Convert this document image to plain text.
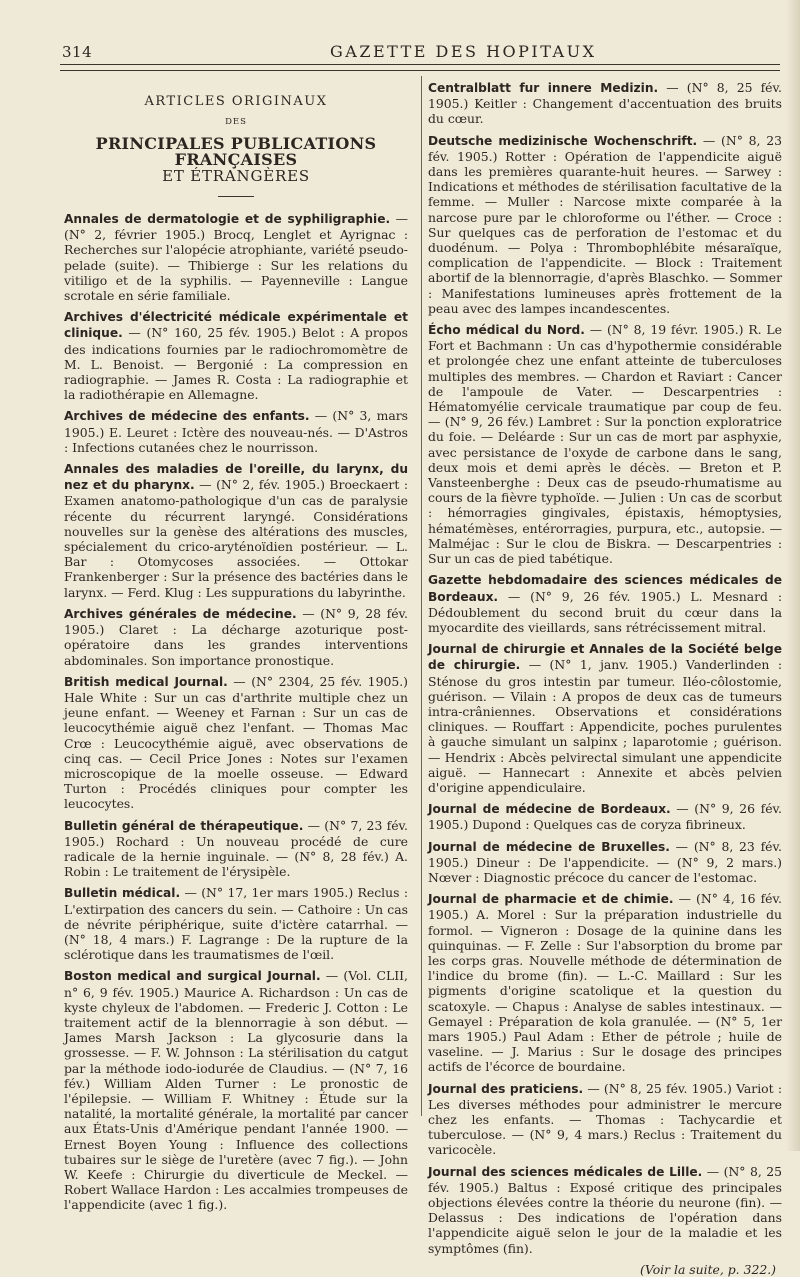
314	GAZETTE DES HOPITAUX
ARTICLES ORIGINAUX
DES
PRINCIPALES PUBLICATIONS FRANÇAISES
ET ÉTRANGÈRES

Annales de dermatologie et de syphiligraphie. — (N° 2, février 1905.) Brocq, Lenglet et Ayrignac : Recherches sur l'alopécie atrophiante, variété pseudo-pelade (suite). — Thibierge : Sur les relations du vitiligo et de la syphilis. — Payenneville : Langue scrotale en série familiale.

Archives d'électricité médicale expérimentale et clinique. — (N° 160, 25 fév. 1905.) Belot : A propos des indications fournies par le radiochromomètre de M. L. Benoist. — Bergonié : La compression en radiographie. — James R. Costa : La radiographie et la radiothérapie en Allemagne.

Archives de médecine des enfants. — (N° 3, mars 1905.) E. Leuret : Ictère des nouveau-nés. — D'Astros : Infections cutanées chez le nourrisson.

Annales des maladies de l'oreille, du larynx, du nez et du pharynx. — (N° 2, fév. 1905.) Broeckaert : Examen anatomo-pathologique d'un cas de paralysie récente du récurrent laryngé. Considérations nouvelles sur la genèse des altérations des muscles, spécialement du crico-aryténoïdien postérieur. — L. Bar : Otomycoses associées. — Ottokar Frankenberger : Sur la présence des bactéries dans le larynx. — Ferd. Klug : Les suppurations du labyrinthe.

Archives générales de médecine. — (N° 9, 28 fév. 1905.) Claret : La décharge azoturique post-opératoire dans les grandes interventions abdominales. Son importance pronostique.

British medical Journal. — (N° 2304, 25 fév. 1905.) Hale White : Sur un cas d'arthrite multiple chez un jeune enfant. — Weeney et Farnan : Sur un cas de leucocythémie aiguë chez l'enfant. — Thomas Mac Crœ : Leucocythémie aiguë, avec observations de cinq cas. — Cecil Price Jones : Notes sur l'examen microscopique de la moelle osseuse. — Edward Turton : Procédés cliniques pour compter les leucocytes.

Bulletin général de thérapeutique. — (N° 7, 23 fév. 1905.) Rochard : Un nouveau procédé de cure radicale de la hernie inguinale. — (N° 8, 28 fév.) A. Robin : Le traitement de l'érysipèle.

Bulletin médical. — (N° 17, 1er mars 1905.) Reclus : L'extirpation des cancers du sein. — Cathoire : Un cas de névrite périphérique, suite d'ictère catarrhal. — (N° 18, 4 mars.) F. Lagrange : De la rupture de la sclérotique dans les traumatismes de l'œil.

Boston medical and surgical Journal. — (Vol. CLII, n° 6, 9 fév. 1905.) Maurice A. Richardson : Un cas de kyste chyleux de l'abdomen. — Frederic J. Cotton : Le traitement actif de la blennorragie à son début. — James Marsh Jackson : La glycosurie dans la grossesse. — F. W. Johnson : La stérilisation du catgut par la méthode iodo-iodurée de Claudius. — (N° 7, 16 fév.) William Alden Turner : Le pronostic de l'épilepsie. — William F. Whitney : Étude sur la natalité, la mortalité générale, la mortalité par cancer aux États-Unis d'Amérique pendant l'année 1900. — Ernest Boyen Young : Influence des collections tubaires sur le siège de l'uretère (avec 7 fig.). — John W. Keefe : Chirurgie du diverticule de Meckel. — Robert Wallace Hardon : Les accalmies trompeuses de l'appendicite (avec 1 fig.).

Centralblatt fur innere Medizin. — (N° 8, 25 fév. 1905.) Keitler : Changement d'accentuation des bruits du cœur.

Deutsche medizinische Wochenschrift. — (N° 8, 23 fév. 1905.) Rotter : Opération de l'appendicite aiguë dans les premières quarante-huit heures. — Sarwey : Indications et méthodes de stérilisation facultative de la femme. — Muller : Narcose mixte comparée à la narcose pure par le chloroforme ou l'éther. — Croce : Sur quelques cas de perforation de l'estomac et du duodénum. — Polya : Thrombophlébite mésaraïque, complication de l'appendicite. — Block : Traitement abortif de la blennorragie, d'après Blaschko. — Sommer : Manifestations lumineuses après frottement de la peau avec des lampes incandescentes.

Écho médical du Nord. — (N° 8, 19 févr. 1905.) R. Le Fort et Bachmann : Un cas d'hypothermie considérable et prolongée chez une enfant atteinte de tuberculoses multiples des membres. — Chardon et Raviart : Cancer de l'ampoule de Vater. — Descarpentries : Hématomyélie cervicale traumatique par coup de feu. — (N° 9, 26 fév.) Lambret : Sur la ponction exploratrice du foie. — Deléarde : Sur un cas de mort par asphyxie, avec persistance de l'oxyde de carbone dans le sang, deux mois et demi après le décès. — Breton et P. Vansteenberghe : Deux cas de pseudo-rhumatisme au cours de la fièvre typhoïde. — Julien : Un cas de scorbut : hémorragies gingivales, épistaxis, hémoptysies, hématémèses, entérorragies, purpura, etc., autopsie. — Malméjac : Sur le clou de Biskra. — Descarpentries : Sur un cas de pied tabétique.

Gazette hebdomadaire des sciences médicales de Bordeaux. — (N° 9, 26 fév. 1905.) L. Mesnard : Dédoublement du second bruit du cœur dans la myocardite des vieillards, sans rétrécissement mitral.

Journal de chirurgie et Annales de la Société belge de chirurgie. — (N° 1, janv. 1905.) Vanderlinden : Sténose du gros intestin par tumeur. Iléo-côlostomie, guérison. — Vilain : A propos de deux cas de tumeurs intra-crâniennes. Observations et considérations cliniques. — Rouffart : Appendicite, poches purulentes à gauche simulant un salpinx ; laparotomie ; guérison. — Hendrix : Abcès pelvirectal simulant une appendicite aiguë. — Hannecart : Annexite et abcès pelvien d'origine appendiculaire.

Journal de médecine de Bordeaux. — (N° 9, 26 fév. 1905.) Dupond : Quelques cas de coryza fibrineux.

Journal de médecine de Bruxelles. — (N° 8, 23 fév. 1905.) Dineur : De l'appendicite. — (N° 9, 2 mars.) Nœver : Diagnostic précoce du cancer de l'estomac.

Journal de pharmacie et de chimie. — (N° 4, 16 fév. 1905.) A. Morel : Sur la préparation industrielle du formol. — Vigneron : Dosage de la quinine dans les quinquinas. — F. Zelle : Sur l'absorption du brome par les corps gras. Nouvelle méthode de détermination de l'indice du brome (fin). — L.-C. Maillard : Sur les pigments d'origine scatolique et la question du scatoxyle. — Chapus : Analyse de sables intestinaux. — Gemayel : Préparation de kola granulée. — (N° 5, 1er mars 1905.) Paul Adam : Ether de pétrole ; huile de vaseline. — J. Marius : Sur le dosage des principes actifs de l'écorce de bourdaine.

Journal des praticiens. — (N° 8, 25 fév. 1905.) Variot : Les diverses méthodes pour administrer le mercure chez les enfants. — Thomas : Tachycardie et tuberculose. — (N° 9, 4 mars.) Reclus : Traitement du varicocèle.

Journal des sciences médicales de Lille. — (N° 8, 25 fév. 1905.) Baltus : Exposé critique des principales objections élevées contre la théorie du neurone (fin). — Delassus : Des indications de l'opération dans l'appendicite aiguë selon le jour de la maladie et les symptômes (fin).

(Voir la suite, p. 322.)
